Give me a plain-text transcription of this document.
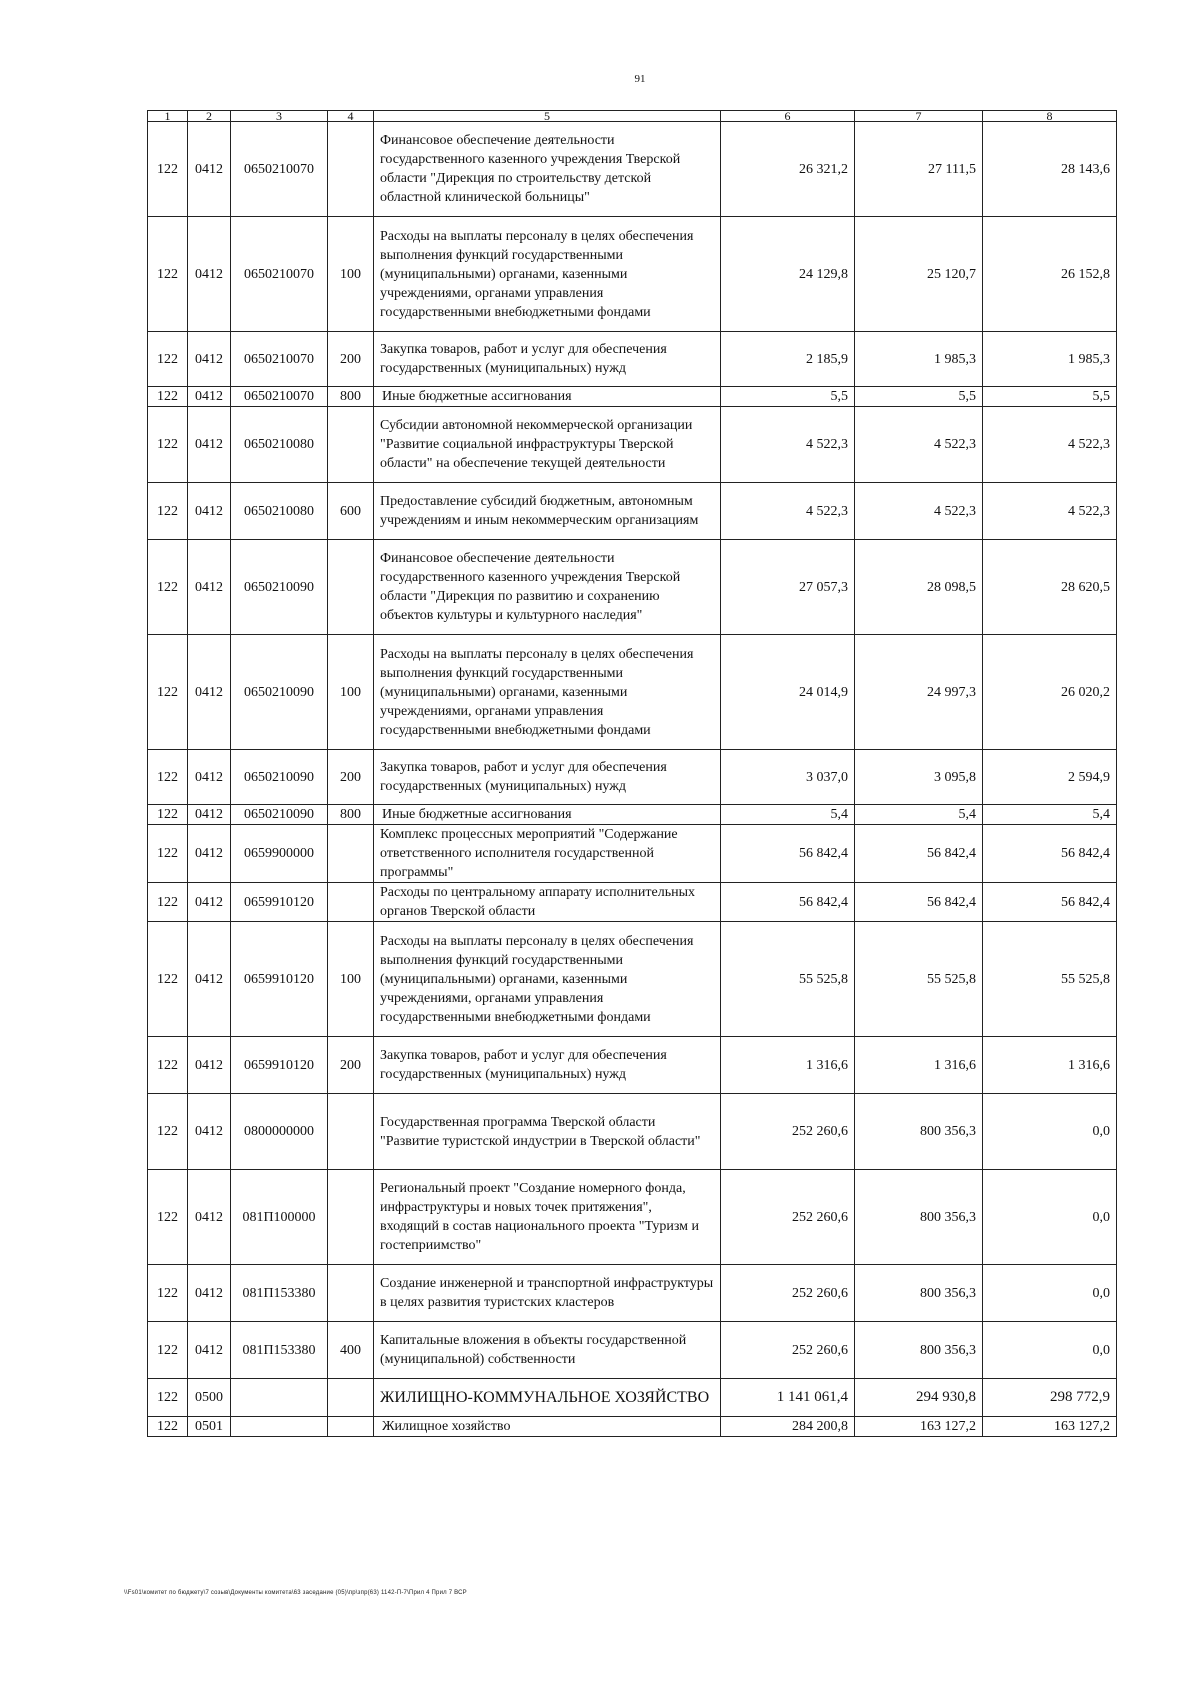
91
1	2	3	4	5	6	7	8
122	0412	0650210070		Финансовое обеспечение деятельности государственного казенного учреждения Тверской области "Дирекция по строительству детской областной клинической больницы"	26 321,2	27 111,5	28 143,6
122	0412	0650210070	100	Расходы на выплаты персоналу в целях обеспечения выполнения функций государственными (муниципальными) органами, казенными учреждениями, органами управления государственными внебюджетными фондами	24 129,8	25 120,7	26 152,8
122	0412	0650210070	200	Закупка товаров, работ и услуг для обеспечения государственных (муниципальных) нужд	2 185,9	1 985,3	1 985,3
122	0412	0650210070	800	Иные бюджетные ассигнования	5,5	5,5	5,5
122	0412	0650210080		Субсидии автономной некоммерческой организации "Развитие социальной инфраструктуры Тверской области" на обеспечение текущей деятельности	4 522,3	4 522,3	4 522,3
122	0412	0650210080	600	Предоставление субсидий бюджетным, автономным учреждениям и иным некоммерческим организациям	4 522,3	4 522,3	4 522,3
122	0412	0650210090		Финансовое обеспечение деятельности государственного казенного учреждения Тверской области "Дирекция по развитию и сохранению объектов культуры и культурного наследия"	27 057,3	28 098,5	28 620,5
122	0412	0650210090	100	Расходы на выплаты персоналу в целях обеспечения выполнения функций государственными (муниципальными) органами, казенными учреждениями, органами управления государственными внебюджетными фондами	24 014,9	24 997,3	26 020,2
122	0412	0650210090	200	Закупка товаров, работ и услуг для обеспечения государственных (муниципальных) нужд	3 037,0	3 095,8	2 594,9
122	0412	0650210090	800	Иные бюджетные ассигнования	5,4	5,4	5,4
122	0412	0659900000		Комплекс процессных мероприятий "Содержание ответственного исполнителя государственной программы"	56 842,4	56 842,4	56 842,4
122	0412	0659910120		Расходы по центральному аппарату исполнительных органов Тверской области	56 842,4	56 842,4	56 842,4
122	0412	0659910120	100	Расходы на выплаты персоналу в целях обеспечения выполнения функций государственными (муниципальными) органами, казенными учреждениями, органами управления государственными внебюджетными фондами	55 525,8	55 525,8	55 525,8
122	0412	0659910120	200	Закупка товаров, работ и услуг для обеспечения государственных (муниципальных) нужд	1 316,6	1 316,6	1 316,6
122	0412	0800000000		Государственная программа Тверской области "Развитие туристской индустрии в Тверской области"	252 260,6	800 356,3	0,0
122	0412	081П100000		Региональный проект "Создание номерного фонда, инфраструктуры и новых точек притяжения", входящий в состав национального проекта "Туризм и гостеприимство"	252 260,6	800 356,3	0,0
122	0412	081П153380		Создание инженерной и транспортной инфраструктуры в целях развития туристских кластеров	252 260,6	800 356,3	0,0
122	0412	081П153380	400	Капитальные вложения в объекты государственной (муниципальной) собственности	252 260,6	800 356,3	0,0
122	0500			ЖИЛИЩНО-КОММУНАЛЬНОЕ ХОЗЯЙСТВО	1 141 061,4	294 930,8	298 772,9
122	0501			Жилищное хозяйство	284 200,8	163 127,2	163 127,2
\\Fs01\комитет по бюджету\7 созыв\Документы комитета\63 заседание (05)\пр\зпр(63) 1142-П-7\Прил 4 Прил 7 ВСР
